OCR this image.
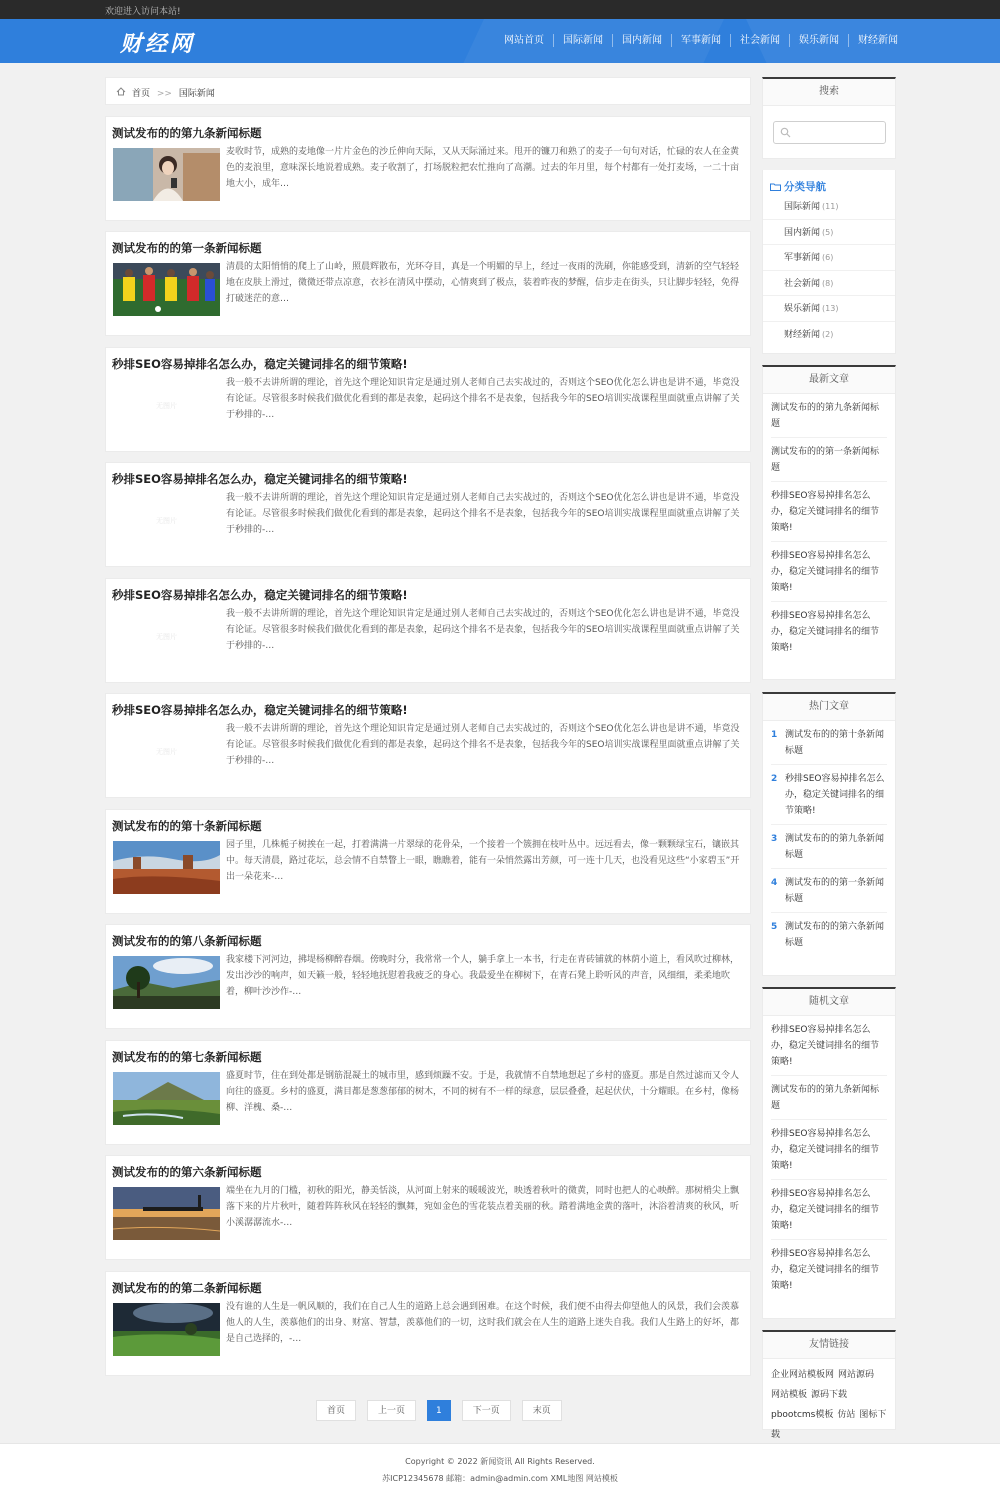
欢迎进入访问本站!
财经网	网站首页	国际新闻	国内新闻	军事新闻	社会新闻	娱乐新闻	财经新闻
首页 >> 国际新闻
测试发布的的第九条新闻标题
麦收时节，成熟的麦地像一片片金色的沙丘伸向天际，又从天际涌过来。甩开的镰刀和熟了的麦子一句句对话，忙碌的农人在金黄色的麦浪里，意味深长地说着成熟。麦子收割了，打场脱粒把农忙推向了高潮。过去的年月里，每个村都有一处打麦场，一二十亩地大小，成年…
测试发布的的第一条新闻标题
清晨的太阳悄悄的爬上了山岭，照晨辉散布，光环夺目，真是一个明媚的早上，经过一夜雨的洗刷，你能感受到，清新的空气轻轻地在皮肤上滑过，微微还带点凉意，衣衫在清风中摆动，心情爽到了极点，装着昨夜的梦醒，信步走在街头，只让脚步轻轻，免得打破迷茫的意…
秒排SEO容易掉排名怎么办，稳定关键词排名的细节策略!
无图片
我一般不去讲所谓的理论，首先这个理论知识肯定是通过别人老师自己去实战过的，否则这个SEO优化怎么讲也是讲不通，毕竟没有论证。尽管很多时候我们做优化看到的都是表象，起码这个排名不是表象，包括我今年的SEO培训实战课程里面就重点讲解了关于秒排的-…
秒排SEO容易掉排名怎么办，稳定关键词排名的细节策略!
无图片
我一般不去讲所谓的理论，首先这个理论知识肯定是通过别人老师自己去实战过的，否则这个SEO优化怎么讲也是讲不通，毕竟没有论证。尽管很多时候我们做优化看到的都是表象，起码这个排名不是表象，包括我今年的SEO培训实战课程里面就重点讲解了关于秒排的-…
秒排SEO容易掉排名怎么办，稳定关键词排名的细节策略!
无图片
我一般不去讲所谓的理论，首先这个理论知识肯定是通过别人老师自己去实战过的，否则这个SEO优化怎么讲也是讲不通，毕竟没有论证。尽管很多时候我们做优化看到的都是表象，起码这个排名不是表象，包括我今年的SEO培训实战课程里面就重点讲解了关于秒排的-…
秒排SEO容易掉排名怎么办，稳定关键词排名的细节策略!
无图片
我一般不去讲所谓的理论，首先这个理论知识肯定是通过别人老师自己去实战过的，否则这个SEO优化怎么讲也是讲不通，毕竟没有论证。尽管很多时候我们做优化看到的都是表象，起码这个排名不是表象，包括我今年的SEO培训实战课程里面就重点讲解了关于秒排的-…
测试发布的的第十条新闻标题
园子里，几株栀子树挨在一起，打着满满一片翠绿的花骨朵，一个接着一个簇拥在枝叶丛中。远远看去，像一颗颗绿宝石，镶嵌其中。每天清晨，路过花坛，总会情不自禁瞥上一眼，瞧瞧着，能有一朵悄然露出芳颜，可一连十几天，也没看见这些“小家碧玉”开出一朵花来-…
测试发布的的第八条新闻标题
我家楼下河河边，拂堤杨柳醉春烟。傍晚时分，我常常一个人，躺手拿上一本书，行走在青砖铺就的林荫小道上，看风吹过柳林，发出沙沙的响声，如天籁一般，轻轻地抚慰着我疲乏的身心。我最爱坐在柳树下，在青石凳上聆听风的声音，风细细，柔柔地吹着，柳叶沙沙作-…
测试发布的的第七条新闻标题
盛夏时节，住在到处都是钢筋混凝土的城市里，感到烦躁不安。于是，我就情不自禁地想起了乡村的盛夏。那是自然过滤而又令人向往的盛夏。乡村的盛夏，满目都是葱葱郁郁的树木，不同的树有不一样的绿意，层层叠叠，起起伏伏，十分耀眼。在乡村，像杨柳、洋槐、桑-…
测试发布的的第六条新闻标题
端坐在九月的门槛，初秋的阳光，静美恬淡，从河面上射来的暖暖波光，映透着秋叶的微黄，同时也把人的心映醉。那树梢尖上飘落下来的片片秋叶，随着阵阵秋风在轻轻的飘舞，宛如金色的雪花装点着美丽的秋。踏着满地金黄的落叶，沐浴着清爽的秋风，听小溪潺潺流水-…
测试发布的的第二条新闻标题
没有谁的人生是一帆风顺的，我们在自己人生的道路上总会遇到困难。在这个时候，我们便不由得去仰望他人的风景，我们会羡慕他人的人生，羡慕他们的出身、财富、智慧，羡慕他们的一切，这时我们就会在人生的道路上迷失自我。我们人生路上的好坏，都是自己选择的，-…
首页	上一页	1	下一页	末页
搜索
分类导航
国际新闻 (11)
国内新闻 (5)
军事新闻 (6)
社会新闻 (8)
娱乐新闻 (13)
财经新闻 (2)
最新文章
测试发布的的第九条新闻标题
测试发布的的第一条新闻标题
秒排SEO容易掉排名怎么办，稳定关键词排名的细节策略!
秒排SEO容易掉排名怎么办，稳定关键词排名的细节策略!
秒排SEO容易掉排名怎么办，稳定关键词排名的细节策略!
热门文章
1 测试发布的的第十条新闻标题
2 秒排SEO容易掉排名怎么办，稳定关键词排名的细节策略!
3 测试发布的的第九条新闻标题
4 测试发布的的第一条新闻标题
5 测试发布的的第六条新闻标题
随机文章
秒排SEO容易掉排名怎么办，稳定关键词排名的细节策略!
测试发布的的第九条新闻标题
秒排SEO容易掉排名怎么办，稳定关键词排名的细节策略!
秒排SEO容易掉排名怎么办，稳定关键词排名的细节策略!
秒排SEO容易掉排名怎么办，稳定关键词排名的细节策略!
友情链接
企业网站模板网 网站源码网站模板 源码下载pbootcms模板 仿站 图标下载
Copyright © 2022 新闻资讯 All Rights Reserved.
苏ICP12345678 邮箱：admin@admin.com XML地图 网站模板
